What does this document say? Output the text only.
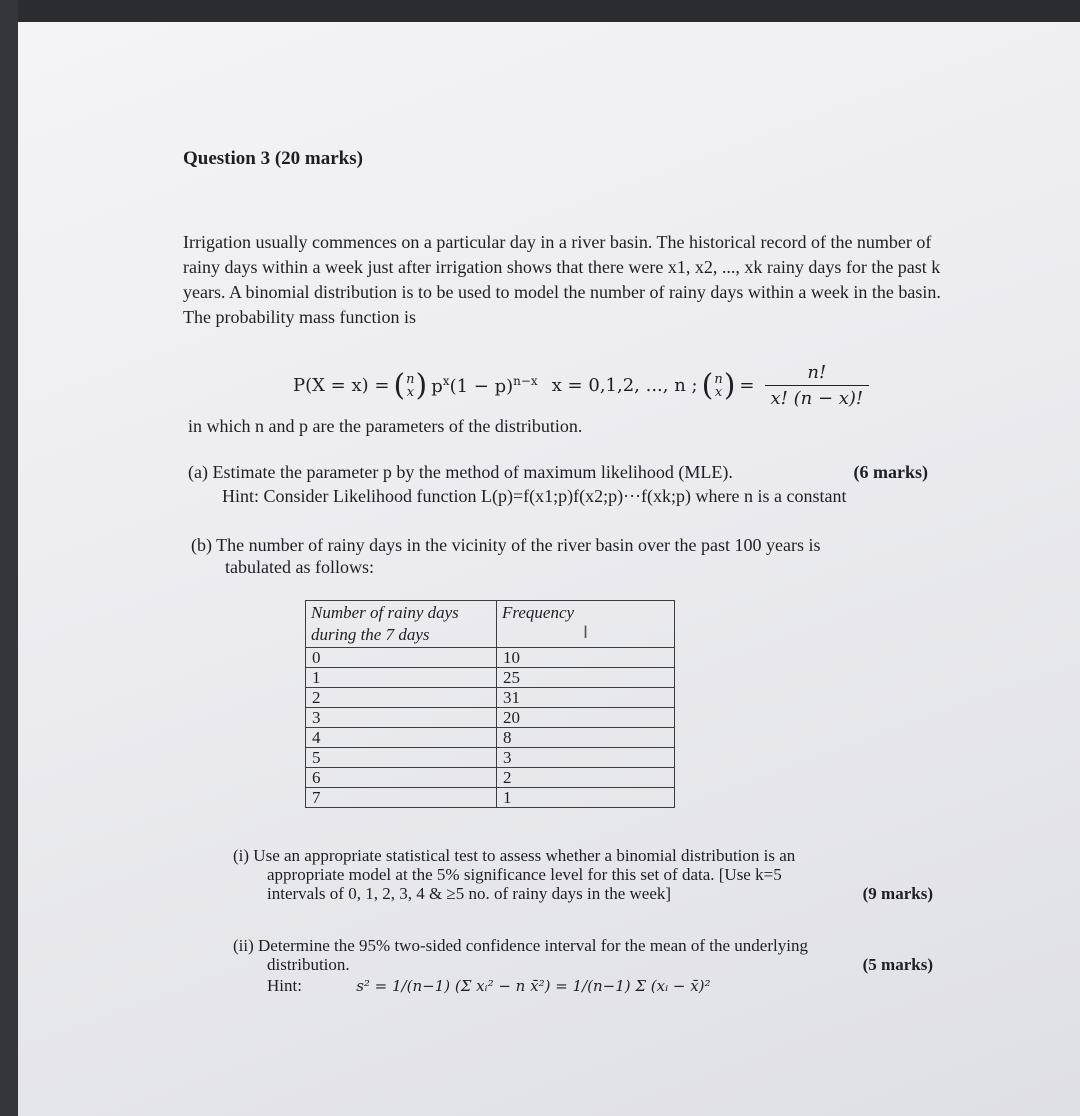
Question 3 (20 marks)
Irrigation usually commences on a particular day in a river basin. The historical record of the number of rainy days within a week just after irrigation shows that there were x1, x2, ..., xk rainy days for the past k years. A binomial distribution is to be used to model the number of rainy days within a week in the basin. The probability mass function is
P(X = x) = ( n
x ) $p^x(1 - p)^{n-x}$ x = 0,1,2, ..., n ; ( n
x ) = $\frac{n!}{x! (n - x)!}$
in which n and p are the parameters of the distribution.
(a) Estimate the parameter p by the method of maximum likelihood (MLE).	(6 marks)
Hint: Consider Likelihood function L(p)=f(x1;p)f(x2;p)···f(xk;p) where n is a constant
(b) The number of rainy days in the vicinity of the river basin over the past 100 years is
tabulated as follows:
Number of rainy days during the 7 days	Frequency
I

0	10
1	25
2	31
3	20
4	8
5	3
6	2
7	1
(i) Use an appropriate statistical test to assess whether a binomial distribution is an
appropriate model at the 5% significance level for this set of data. [Use k=5
intervals of 0, 1, 2, 3, 4 & ≥5 no. of rainy days in the week]	(9 marks)
(ii) Determine the 95% two-sided confidence interval for the mean of the underlying
distribution.	(5 marks)
Hint:	s² = 1/(n−1) (Σ xᵢ² − n x̄²) = 1/(n−1) Σ (xᵢ − x̄)²
